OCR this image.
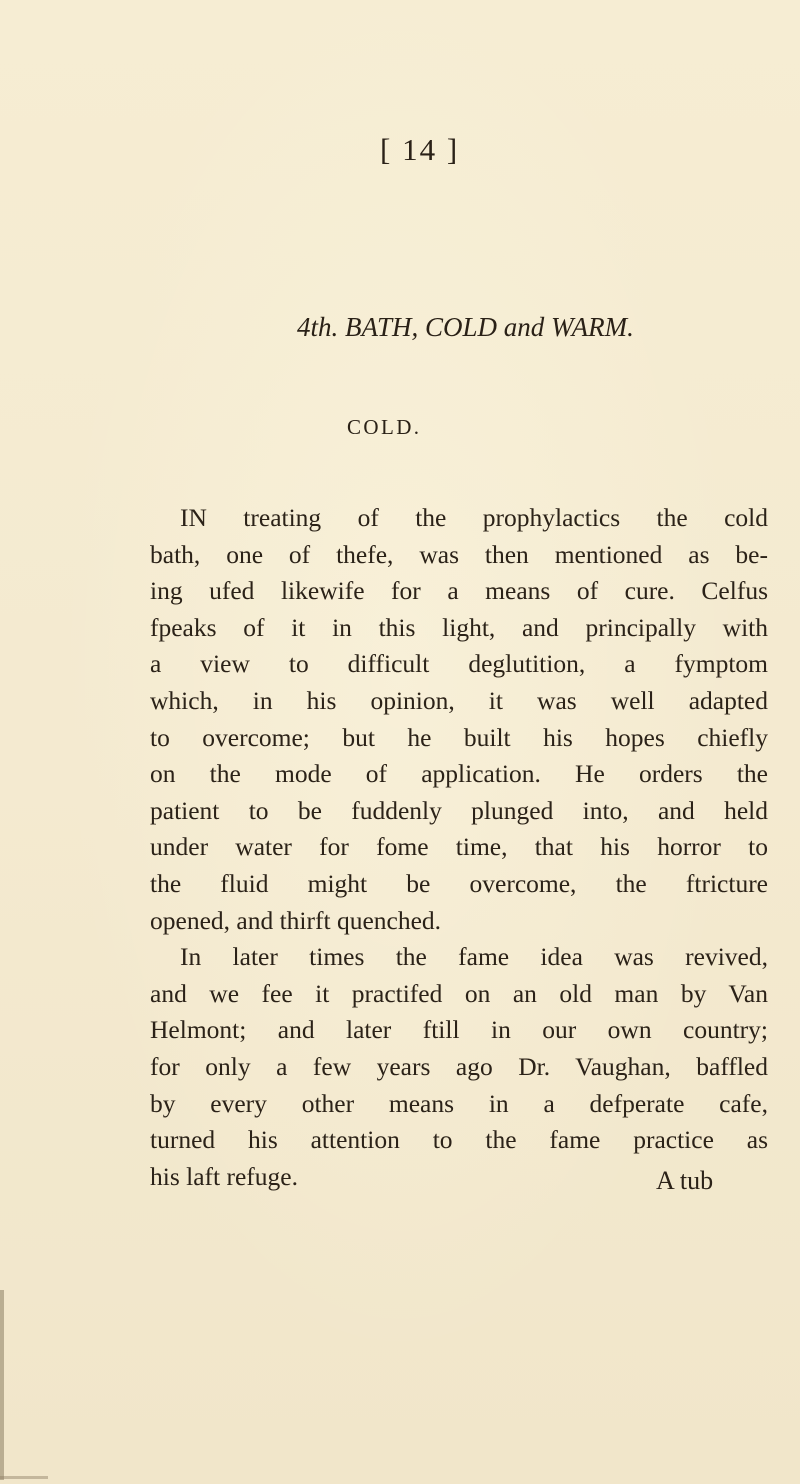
[ 14 ]
4th. BATH, COLD and WARM.
COLD.
IN treating of the prophylactics the cold
bath, one of thefe, was then mentioned as be-
ing ufed likewife for a means of cure. Celfus
fpeaks of it in this light, and principally with
a view to difficult deglutition, a fymptom
which, in his opinion, it was well adapted
to overcome; but he built his hopes chiefly
on the mode of application. He orders the
patient to be fuddenly plunged into, and held
under water for fome time, that his horror to
the fluid might be overcome, the ftricture
opened, and thirft quenched.
In later times the fame idea was revived,
and we fee it practifed on an old man by Van
Helmont; and later ftill in our own country;
for only a few years ago Dr. Vaughan, baffled
by every other means in a defperate cafe,
turned his attention to the fame practice as
his laft refuge.	A tub
